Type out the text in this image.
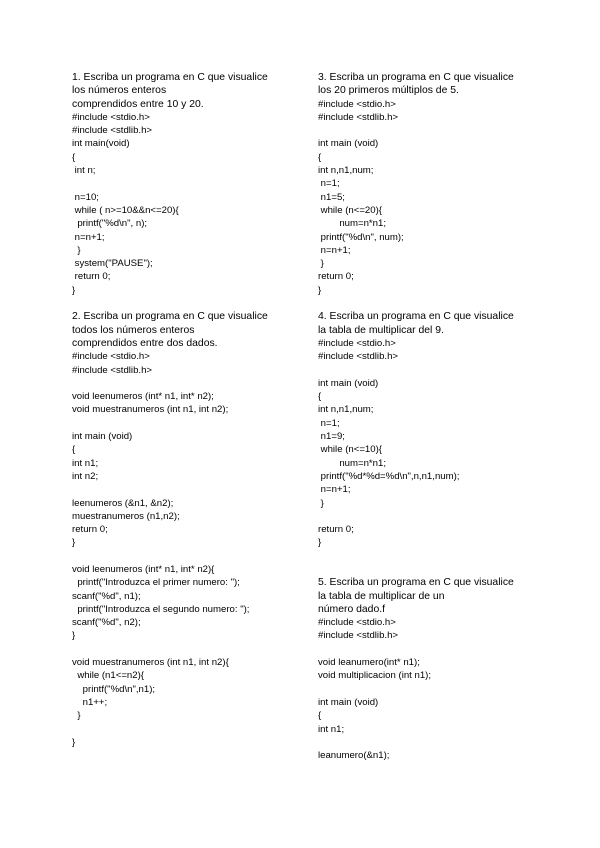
1. Escriba un programa en C que visualice
los números enteros
comprendidos entre 10 y 20.
#include <stdio.h>
#include <stdlib.h>
int main(void)
{
int n;
n=10;
while ( n>=10&&n<=20){
printf("%d\n", n);
n=n+1;
}
system("PAUSE");
return 0;
}
2. Escriba un programa en C que visualice
todos los números enteros
comprendidos entre dos dados.
#include <stdio.h>
#include <stdlib.h>
void leenumeros (int* n1, int* n2);
void muestranumeros (int n1, int n2);
int main (void)
{
int n1;
int n2;
leenumeros (&n1, &n2);
muestranumeros (n1,n2);
return 0;
}
void leenumeros (int* n1, int* n2){
printf("Introduzca el primer numero: ");
scanf("%d", n1);
printf("Introduzca el segundo numero: ");
scanf("%d", n2);
}
void muestranumeros (int n1, int n2){
while (n1<=n2){
printf("%d\n",n1);
n1++;
}
}
3. Escriba un programa en C que visualice
los 20 primeros múltiplos de 5.
#include <stdio.h>
#include <stdlib.h>
int main (void)
{
int n,n1,num;
n=1;
n1=5;
while (n<=20){
num=n*n1;
printf("%d\n", num);
n=n+1;
}
return 0;
}
4. Escriba un programa en C que visualice
la tabla de multiplicar del 9.
#include <stdio.h>
#include <stdlib.h>
int main (void)
{
int n,n1,num;
n=1;
n1=9;
while (n<=10){
num=n*n1;
printf("%d*%d=%d\n",n,n1,num);
n=n+1;
}
return 0;
}
5. Escriba un programa en C que visualice
la tabla de multiplicar de un
número dado.f
#include <stdio.h>
#include <stdlib.h>
void leanumero(int* n1);
void multiplicacion (int n1);
int main (void)
{
int n1;
leanumero(&n1);
